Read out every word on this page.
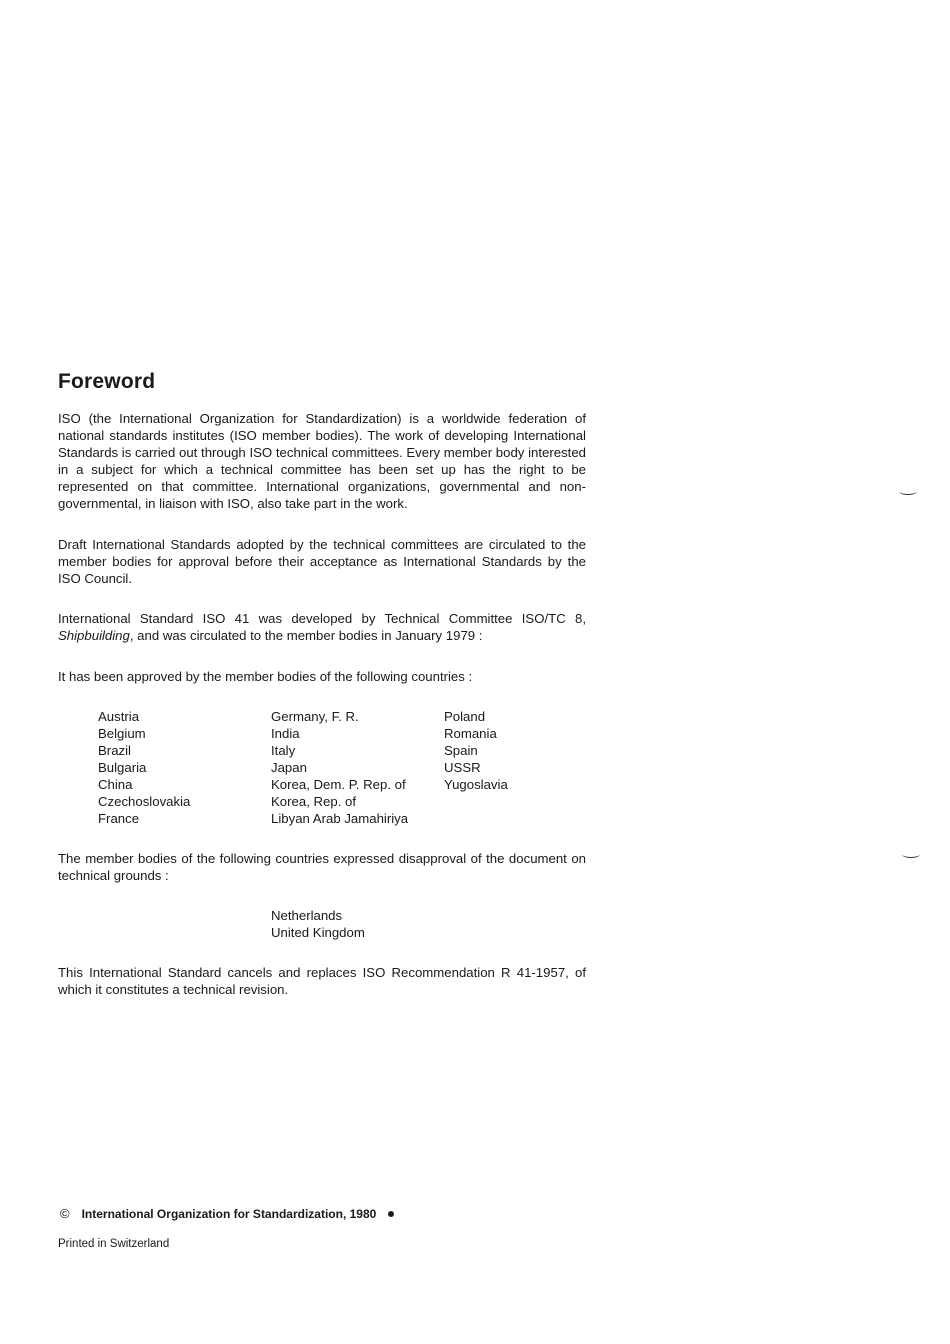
Foreword

ISO (the International Organization for Standardization) is a worldwide federation of national standards institutes (ISO member bodies). The work of developing International Standards is carried out through ISO technical committees. Every member body interested in a subject for which a technical committee has been set up has the right to be represented on that committee. International organizations, governmental and non-governmental, in liaison with ISO, also take part in the work.

Draft International Standards adopted by the technical committees are circulated to the member bodies for approval before their acceptance as International Standards by the ISO Council.

International Standard ISO 41 was developed by Technical Committee ISO/TC 8, Shipbuilding, and was circulated to the member bodies in January 1979 :

It has been approved by the member bodies of the following countries :

Austria
Belgium
Brazil
Bulgaria
China
Czechoslovakia
France
Germany, F. R.
India
Italy
Japan
Korea, Dem. P. Rep. of
Korea, Rep. of
Libyan Arab Jamahiriya
Poland
Romania
Spain
USSR
Yugoslavia

The member bodies of the following countries expressed disapproval of the document on technical grounds :

Netherlands
United Kingdom

This International Standard cancels and replaces ISO Recommendation R 41-1957, of which it constitutes a technical revision.

© International Organization for Standardization, 1980
Printed in Switzerland
